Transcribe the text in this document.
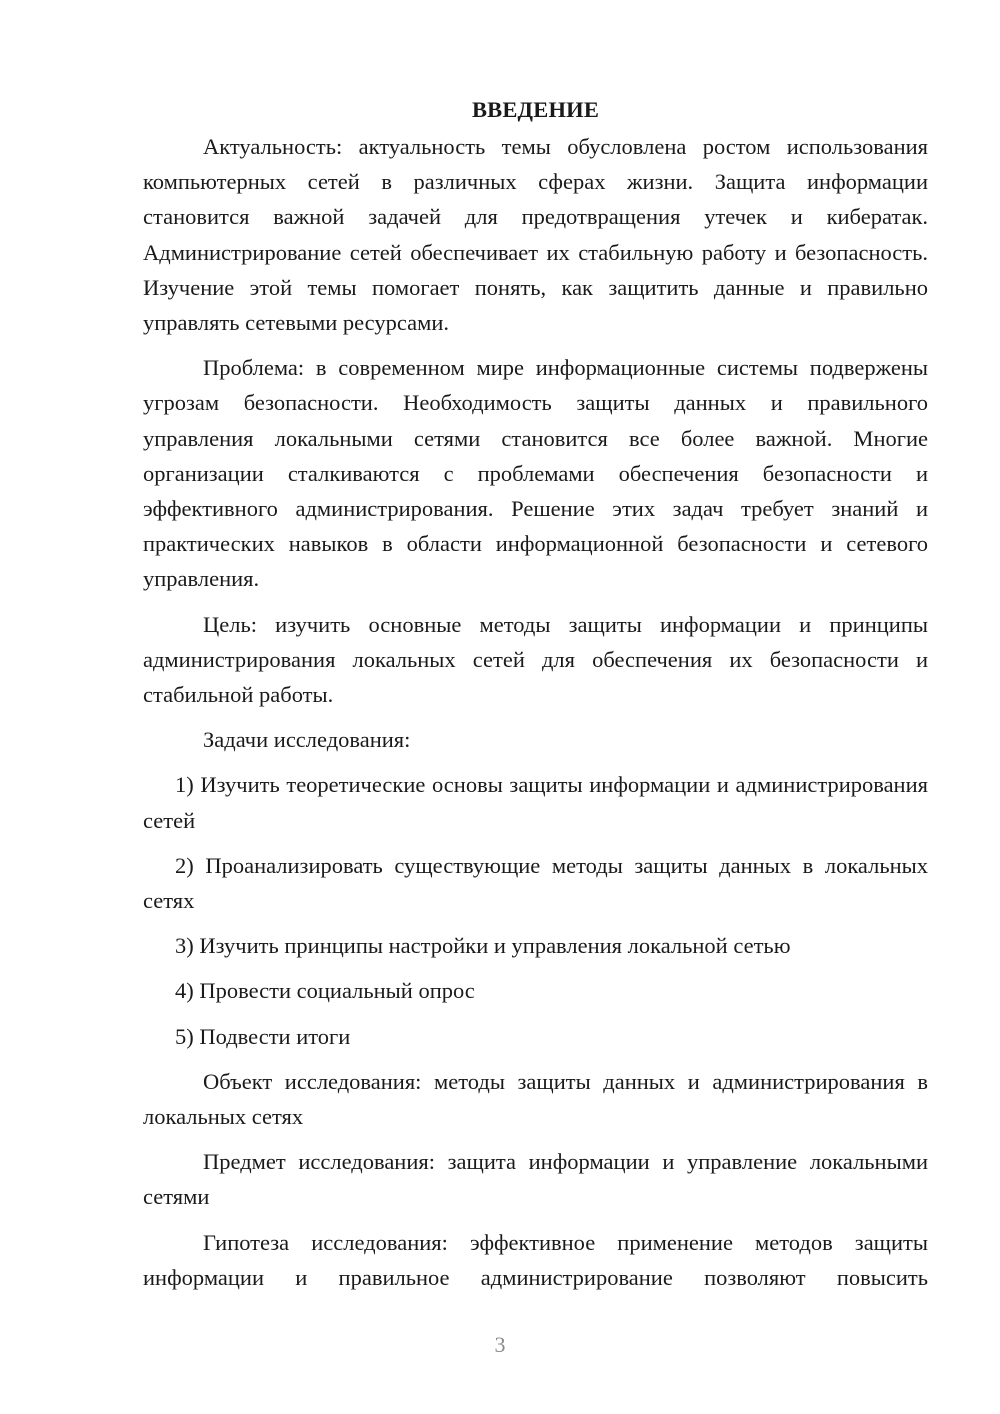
ВВЕДЕНИЕ

Актуальность: актуальность темы обусловлена ростом использования компьютерных сетей в различных сферах жизни. Защита информации становится важной задачей для предотвращения утечек и кибератак. Администрирование сетей обеспечивает их стабильную работу и безопасность. Изучение этой темы помогает понять, как защитить данные и правильно управлять сетевыми ресурсами.

Проблема: в современном мире информационные системы подвержены угрозам безопасности. Необходимость защиты данных и правильного управления локальными сетями становится все более важной. Многие организации сталкиваются с проблемами обеспечения безопасности и эффективного администрирования. Решение этих задач требует знаний и практических навыков в области информационной безопасности и сетевого управления.

Цель: изучить основные методы защиты информации и принципы администрирования локальных сетей для обеспечения их безопасности и стабильной работы.

Задачи исследования:

1) Изучить теоретические основы защиты информации и администрирования сетей

2) Проанализировать существующие методы защиты данных в локальных сетях

3) Изучить принципы настройки и управления локальной сетью

4) Провести социальный опрос

5) Подвести итоги

Объект исследования: методы защиты данных и администрирования в локальных сетях

Предмет исследования: защита информации и управление локальными сетями

Гипотеза исследования: эффективное применение методов защиты информации и правильное администрирование позволяют повысить

3
